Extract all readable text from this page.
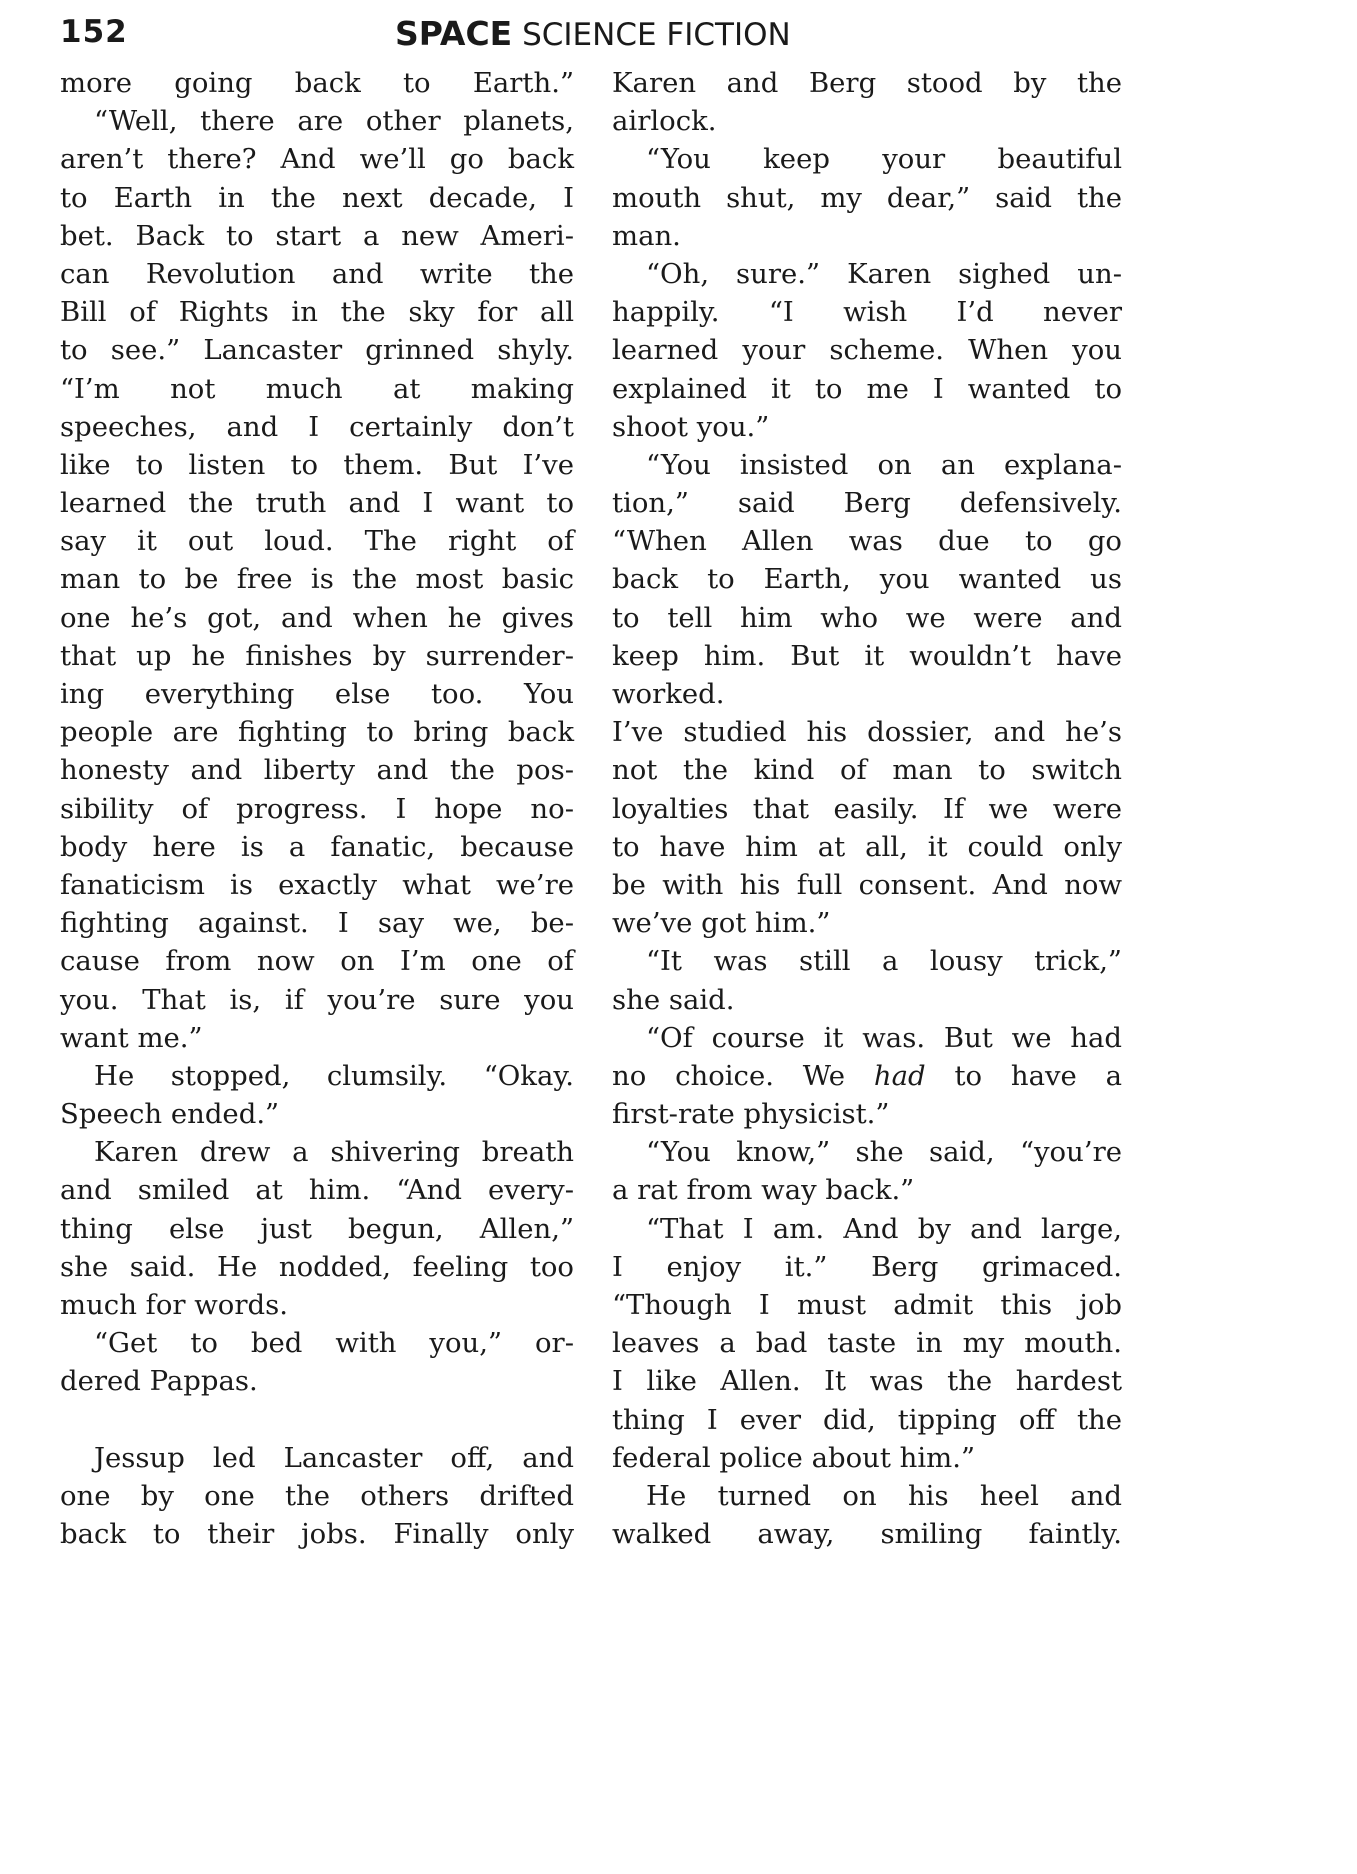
152	SPACE SCIENCE FICTION
more going back to Earth.”
“Well, there are other planets,
aren’t there? And we’ll go back
to Earth in the next decade, I
bet. Back to start a new Ameri-
can Revolution and write the
Bill of Rights in the sky for all
to see.” Lancaster grinned shyly.
“I’m not much at making
speeches, and I certainly don’t
like to listen to them. But I’ve
learned the truth and I want to
say it out loud. The right of
man to be free is the most basic
one he’s got, and when he gives
that up he finishes by surrender-
ing everything else too. You
people are fighting to bring back
honesty and liberty and the pos-
sibility of progress. I hope no-
body here is a fanatic, because
fanaticism is exactly what we’re
fighting against. I say we, be-
cause from now on I’m one of
you. That is, if you’re sure you
want me.”
He stopped, clumsily. “Okay.
Speech ended.”
Karen drew a shivering breath
and smiled at him. “And every-
thing else just begun, Allen,”
she said. He nodded, feeling too
much for words.
“Get to bed with you,” or-
dered Pappas.

Jessup led Lancaster off, and
one by one the others drifted
back to their jobs. Finally only
Karen and Berg stood by the
airlock.
“You keep your beautiful
mouth shut, my dear,” said the
man.
“Oh, sure.” Karen sighed un-
happily. “I wish I’d never
learned your scheme. When you
explained it to me I wanted to
shoot you.”
“You insisted on an explana-
tion,” said Berg defensively.
“When Allen was due to go
back to Earth, you wanted us
to tell him who we were and
keep him. But it wouldn’t have
worked.
I’ve studied his dossier, and he’s
not the kind of man to switch
loyalties that easily. If we were
to have him at all, it could only
be with his full consent. And now
we’ve got him.”
“It was still a lousy trick,”
she said.
“Of course it was. But we had
no choice. We had to have a
first-rate physicist.”
“You know,” she said, “you’re
a rat from way back.”
“That I am. And by and large,
I enjoy it.” Berg grimaced.
“Though I must admit this job
leaves a bad taste in my mouth.
I like Allen. It was the hardest
thing I ever did, tipping off the
federal police about him.”
He turned on his heel and
walked away, smiling faintly.
